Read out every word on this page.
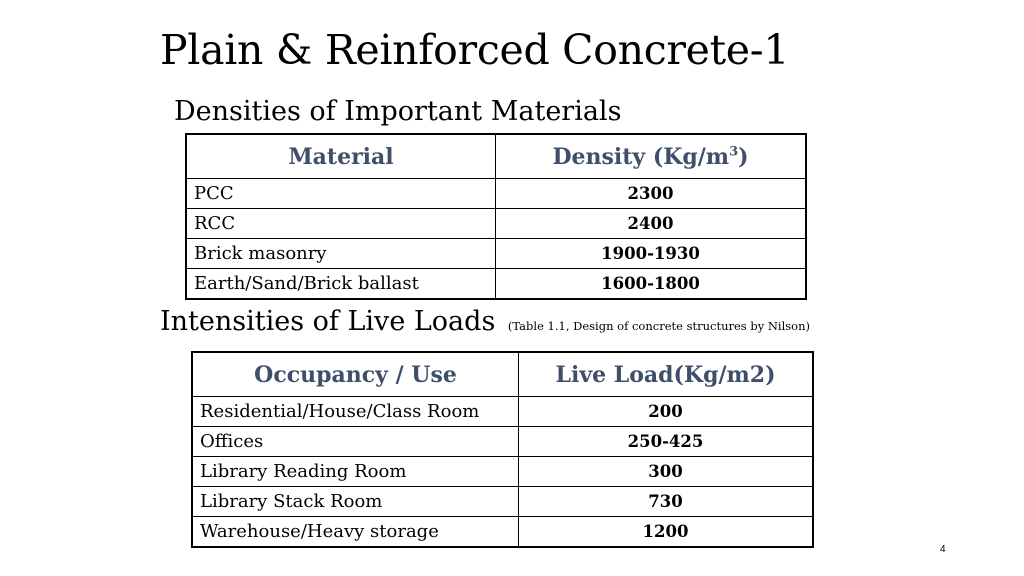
Plain & Reinforced Concrete-1
Densities of Important Materials
Material	Density $(Kg/m^3)$
PCC	2300
RCC	2400
Brick masonry	1900-1930
Earth/Sand/Brick ballast	1600-1800
Intensities of Live Loads (Table 1.1, Design of concrete structures by Nilson)
Occupancy / Use	Live Load(Kg/m2)
Residential/House/Class Room	200
Offices	250-425
Library Reading Room	300
Library Stack Room	730
Warehouse/Heavy storage	1200
4
